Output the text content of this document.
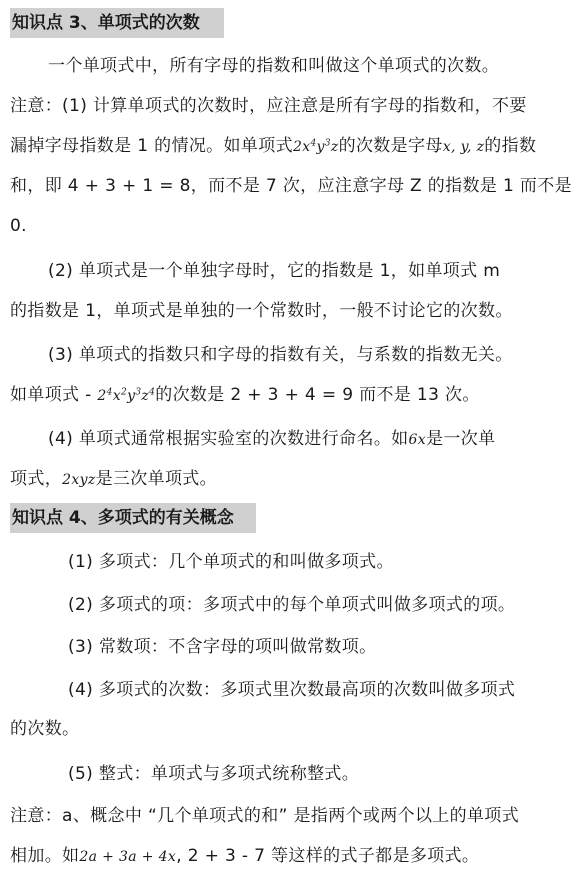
知识点 3、单项式的次数
一个单项式中，所有字母的指数和叫做这个单项式的次数。
注意：(1) 计算单项式的次数时，应注意是所有字母的指数和，不要
漏掉字母指数是 1 的情况。如单项式$2x^4y^3z$的次数是字母x, y, z的指数
和，即 4 + 3 + 1 = 8，而不是 7 次，应注意字母 Z 的指数是 1 而不是
0.
(2) 单项式是一个单独字母时，它的指数是 1，如单项式 m
的指数是 1，单项式是单独的一个常数时，一般不讨论它的次数。
(3) 单项式的指数只和字母的指数有关，与系数的指数无关。
如单项式 - $2^4x^2y^3z^4$的次数是 2 + 3 + 4 = 9 而不是 13 次。
(4) 单项式通常根据实验室的次数进行命名。如6x是一次单
项式，2xyz是三次单项式。
知识点 4、多项式的有关概念
(1) 多项式：几个单项式的和叫做多项式。
(2) 多项式的项：多项式中的每个单项式叫做多项式的项。
(3) 常数项：不含字母的项叫做常数项。
(4) 多项式的次数：多项式里次数最高项的次数叫做多项式
的次数。
(5) 整式：单项式与多项式统称整式。
注意：a、概念中 “几个单项式的和” 是指两个或两个以上的单项式
相加。如2a + 3a + 4x, 2 + 3 - 7 等这样的式子都是多项式。
